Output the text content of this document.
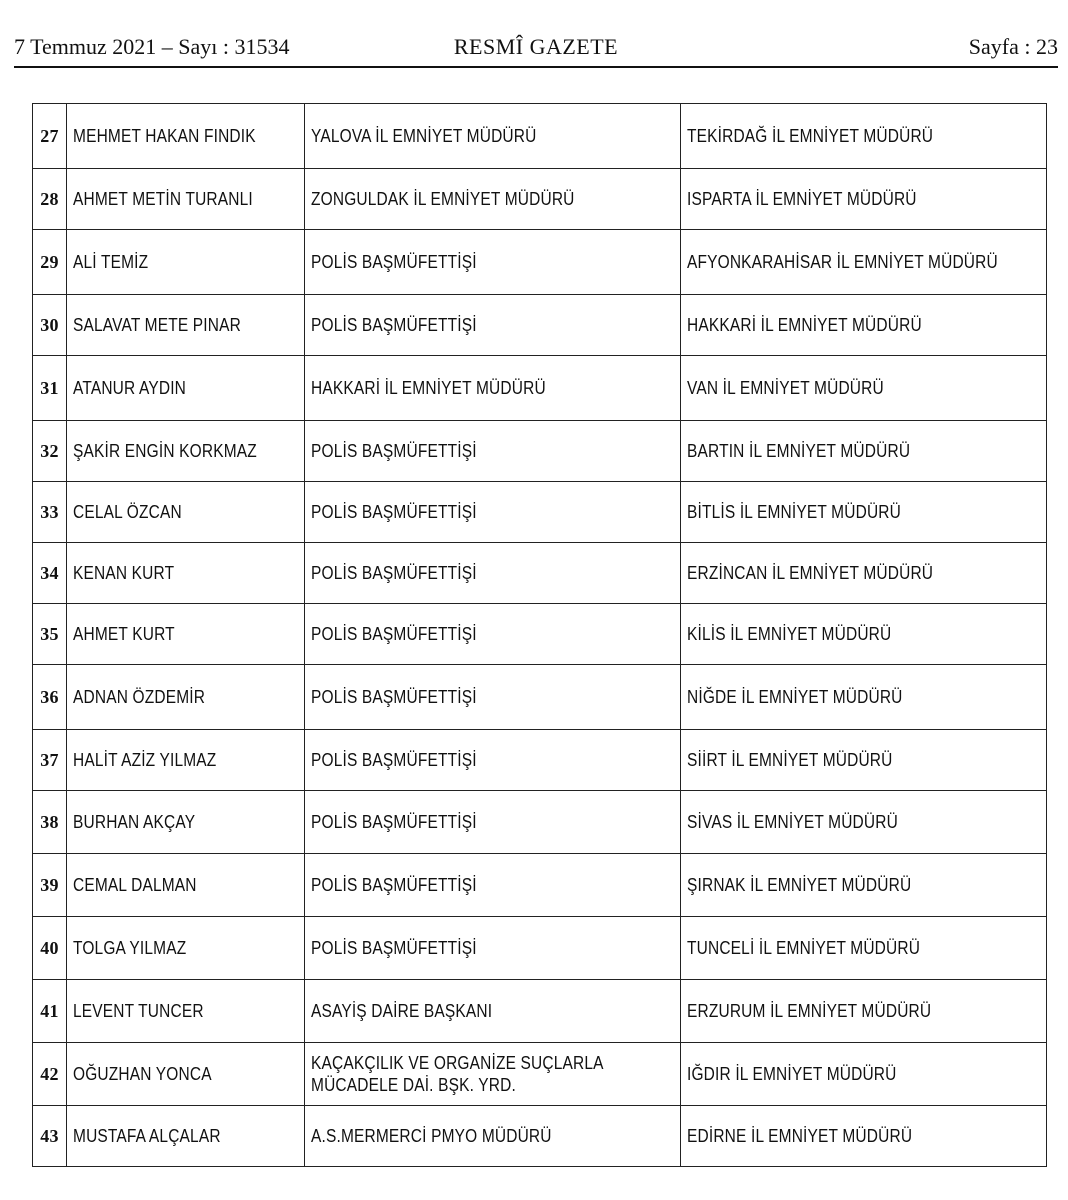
7 Temmuz 2021 – Sayı : 31534	RESMÎ GAZETE	Sayfa : 23
27	MEHMET HAKAN FINDIK	YALOVA İL EMNİYET MÜDÜRÜ	TEKİRDAĞ İL EMNİYET MÜDÜRÜ
28	AHMET METİN TURANLI	ZONGULDAK İL EMNİYET MÜDÜRÜ	ISPARTA İL EMNİYET MÜDÜRÜ
29	ALİ TEMİZ	POLİS BAŞMÜFETTİŞİ	AFYONKARAHİSAR İL EMNİYET MÜDÜRÜ
30	SALAVAT METE PINAR	POLİS BAŞMÜFETTİŞİ	HAKKARİ İL EMNİYET MÜDÜRÜ
31	ATANUR AYDIN	HAKKARİ İL EMNİYET MÜDÜRÜ	VAN İL EMNİYET MÜDÜRÜ
32	ŞAKİR ENGİN KORKMAZ	POLİS BAŞMÜFETTİŞİ	BARTIN İL EMNİYET MÜDÜRÜ
33	CELAL ÖZCAN	POLİS BAŞMÜFETTİŞİ	BİTLİS İL EMNİYET MÜDÜRÜ
34	KENAN KURT	POLİS BAŞMÜFETTİŞİ	ERZİNCAN İL EMNİYET MÜDÜRÜ
35	AHMET KURT	POLİS BAŞMÜFETTİŞİ	KİLİS İL EMNİYET MÜDÜRÜ
36	ADNAN ÖZDEMİR	POLİS BAŞMÜFETTİŞİ	NİĞDE İL EMNİYET MÜDÜRÜ
37	HALİT AZİZ YILMAZ	POLİS BAŞMÜFETTİŞİ	SİİRT İL EMNİYET MÜDÜRÜ
38	BURHAN AKÇAY	POLİS BAŞMÜFETTİŞİ	SİVAS İL EMNİYET MÜDÜRÜ
39	CEMAL DALMAN	POLİS BAŞMÜFETTİŞİ	ŞIRNAK İL EMNİYET MÜDÜRÜ
40	TOLGA YILMAZ	POLİS BAŞMÜFETTİŞİ	TUNCELİ İL EMNİYET MÜDÜRÜ
41	LEVENT TUNCER	ASAYİŞ DAİRE BAŞKANI	ERZURUM İL EMNİYET MÜDÜRÜ
42	OĞUZHAN YONCA	KAÇAKÇILIK VE ORGANİZE SUÇLARLA MÜCADELE DAİ. BŞK. YRD.	IĞDIR İL EMNİYET MÜDÜRÜ
43	MUSTAFA ALÇALAR	A.S.MERMERCİ PMYO MÜDÜRÜ	EDİRNE İL EMNİYET MÜDÜRÜ
